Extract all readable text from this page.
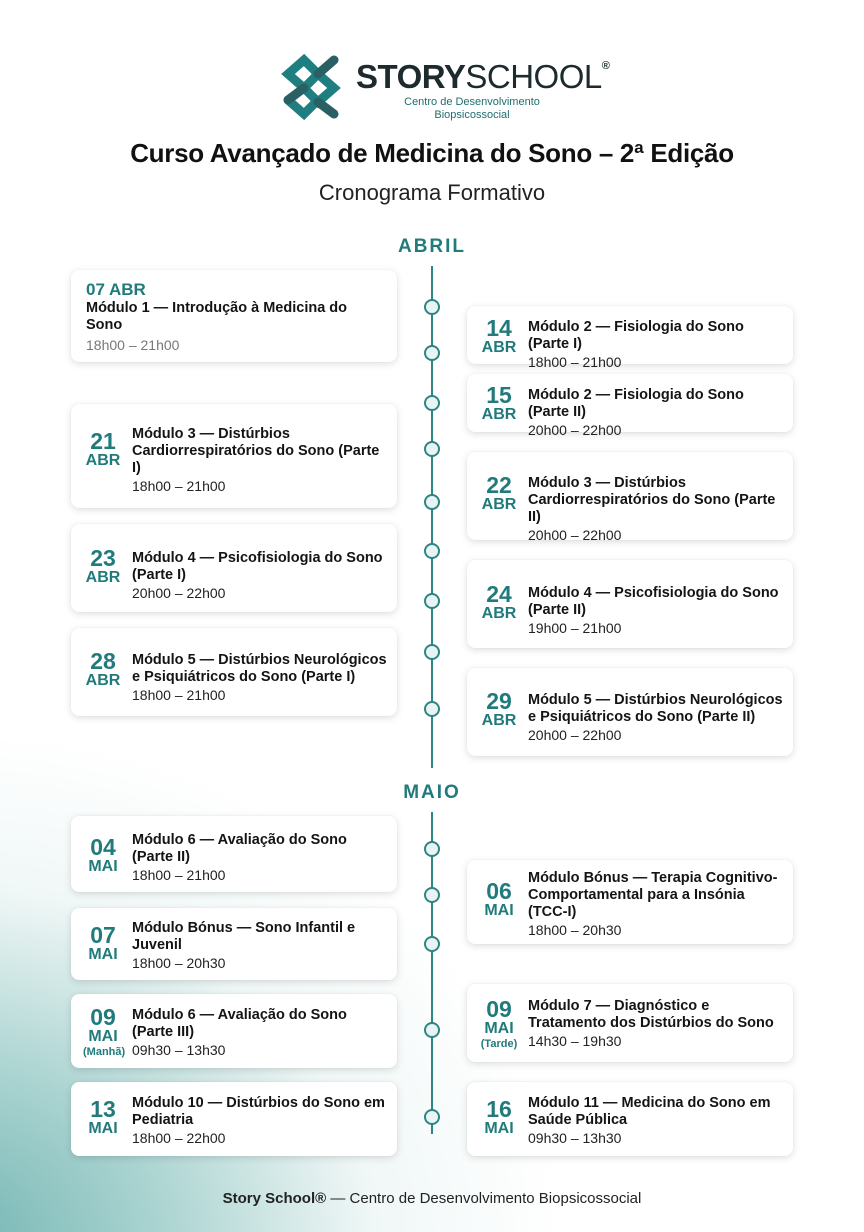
STORYSCHOOL®
Centro de Desenvolvimento
Biopsicossocial
Curso Avançado de Medicina do Sono – 2ª Edição
Cronograma Formativo
ABRIL
MAIO
07 ABR
Módulo 1 — Introdução à Medicina do Sono
18h00 – 21h00
14
ABR
Módulo 2 — Fisiologia do Sono (Parte I)
18h00 – 21h00
15
ABR
Módulo 2 — Fisiologia do Sono (Parte II)
20h00 – 22h00
21
ABR
Módulo 3 — Distúrbios Cardiorrespiratórios do Sono (Parte I)
18h00 – 21h00	22
ABR
Módulo 3 — Distúrbios Cardiorrespiratórios do Sono (Parte II)
20h00 – 22h00
23
ABR
Módulo 4 — Psicofisiologia do Sono (Parte I)
20h00 – 22h00	24
ABR
Módulo 4 — Psicofisiologia do Sono (Parte II)
19h00 – 21h00
28
ABR
Módulo 5 — Distúrbios Neurológicos e Psiquiátricos do Sono (Parte I)
18h00 – 21h00	29
ABR
Módulo 5 — Distúrbios Neurológicos e Psiquiátricos do Sono (Parte II)
20h00 – 22h00
04
MAI
Módulo 6 — Avaliação do Sono (Parte II)
18h00 – 21h00
06
MAI
Módulo Bónus — Terapia Cognitivo-Comportamental para a Insónia (TCC-I)
18h00 – 20h30
07
MAI
Módulo Bónus — Sono Infantil e Juvenil
18h00 – 20h30
09
MAI
(Manhã)
Módulo 6 — Avaliação do Sono (Parte III)
09h30 – 13h30
09
MAI
(Tarde)
Módulo 7 — Diagnóstico e Tratamento dos Distúrbios do Sono
14h30 – 19h30
13
MAI
Módulo 10 — Distúrbios do Sono em Pediatria
18h00 – 22h00
16
MAI
Módulo 11 — Medicina do Sono em Saúde Pública
09h30 – 13h30
Story School® — Centro de Desenvolvimento Biopsicossocial
